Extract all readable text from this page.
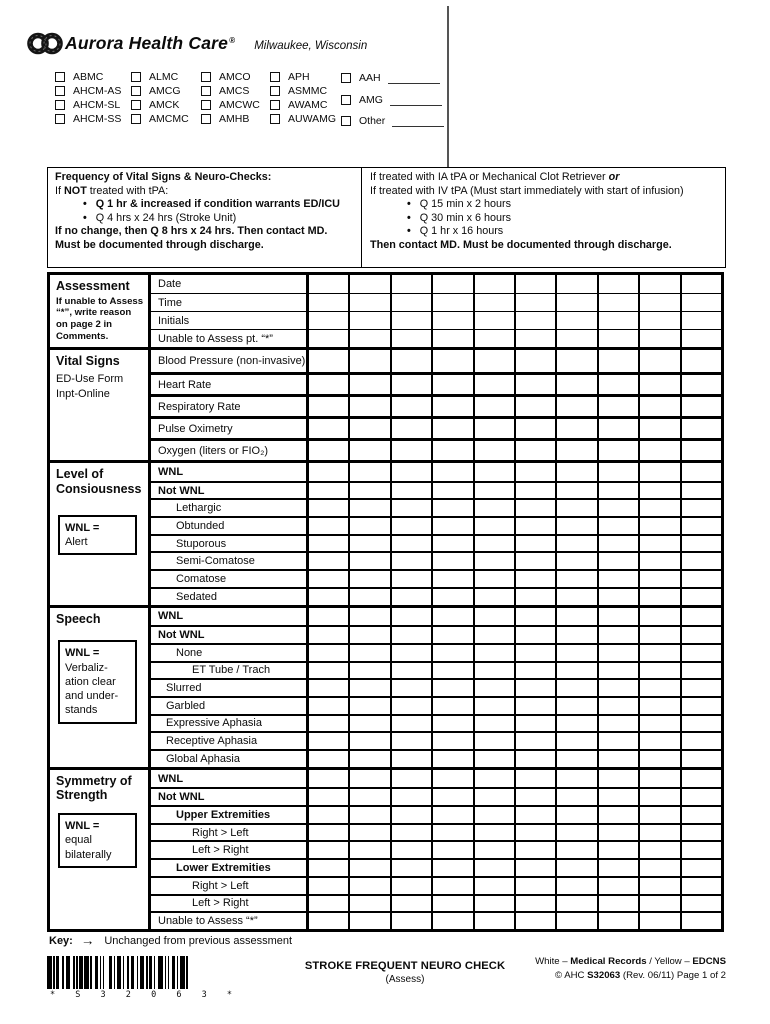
Aurora Health Care® Milwaukee, Wisconsin
ABMC
AHCM-AS
AHCM-SL
AHCM-SS
ALMC
AMCG
AMCK
AMCMC
AMCO
AMCS
AMCWC
AMHB
APH
ASMMC
AWAMC
AUWAMG
AAH
AMG
Other
Frequency of Vital Signs & Neuro-Checks:
If NOT treated with tPA:
• Q 1 hr & increased if condition warrants ED/ICU
• Q 4 hrs x 24 hrs (Stroke Unit)
If no change, then Q 8 hrs x 24 hrs. Then contact MD.
Must be documented through discharge.
If treated with IA tPA or Mechanical Clot Retriever or
If treated with IV tPA (Must start immediately with start of infusion)
• Q 15 min x 2 hours
• Q 30 min x 6 hours
• Q 1 hr x 16 hours
Then contact MD. Must be documented through discharge.
Assessment
If unable to Assess “*”, write reason on page 2 in Comments.
Date
Time
Initials
Unable to Assess pt. “*”
Vital Signs
ED-Use Form
Inpt-Online
Blood Pressure (non-invasive)
Heart Rate
Respiratory Rate
Pulse Oximetry
Oxygen (liters or FIO₂)
Level of Consiousness
WNL =
Alert
WNL
Not WNL
Lethargic
Obtunded
Stuporous
Semi-Comatose
Comatose
Sedated
Speech
WNL =
Verbaliz-
ation clear
and under-
stands
WNL
Not WNL
None
ET Tube / Trach
Slurred
Garbled
Expressive Aphasia
Receptive Aphasia
Global Aphasia
Symmetry of Strength
WNL =
equal
bilaterally
WNL
Not WNL
Upper Extremities
Right > Left
Left > Right
Lower Extremities
Right > Left
Left > Right
Unable to Assess “*”
Key: → Unchanged from previous assessment
* S 3 2 0 6 3 *
STROKE FREQUENT NEURO CHECK
(Assess)
White – Medical Records / Yellow – EDCNS
© AHC S32063 (Rev. 06/11) Page 1 of 2
